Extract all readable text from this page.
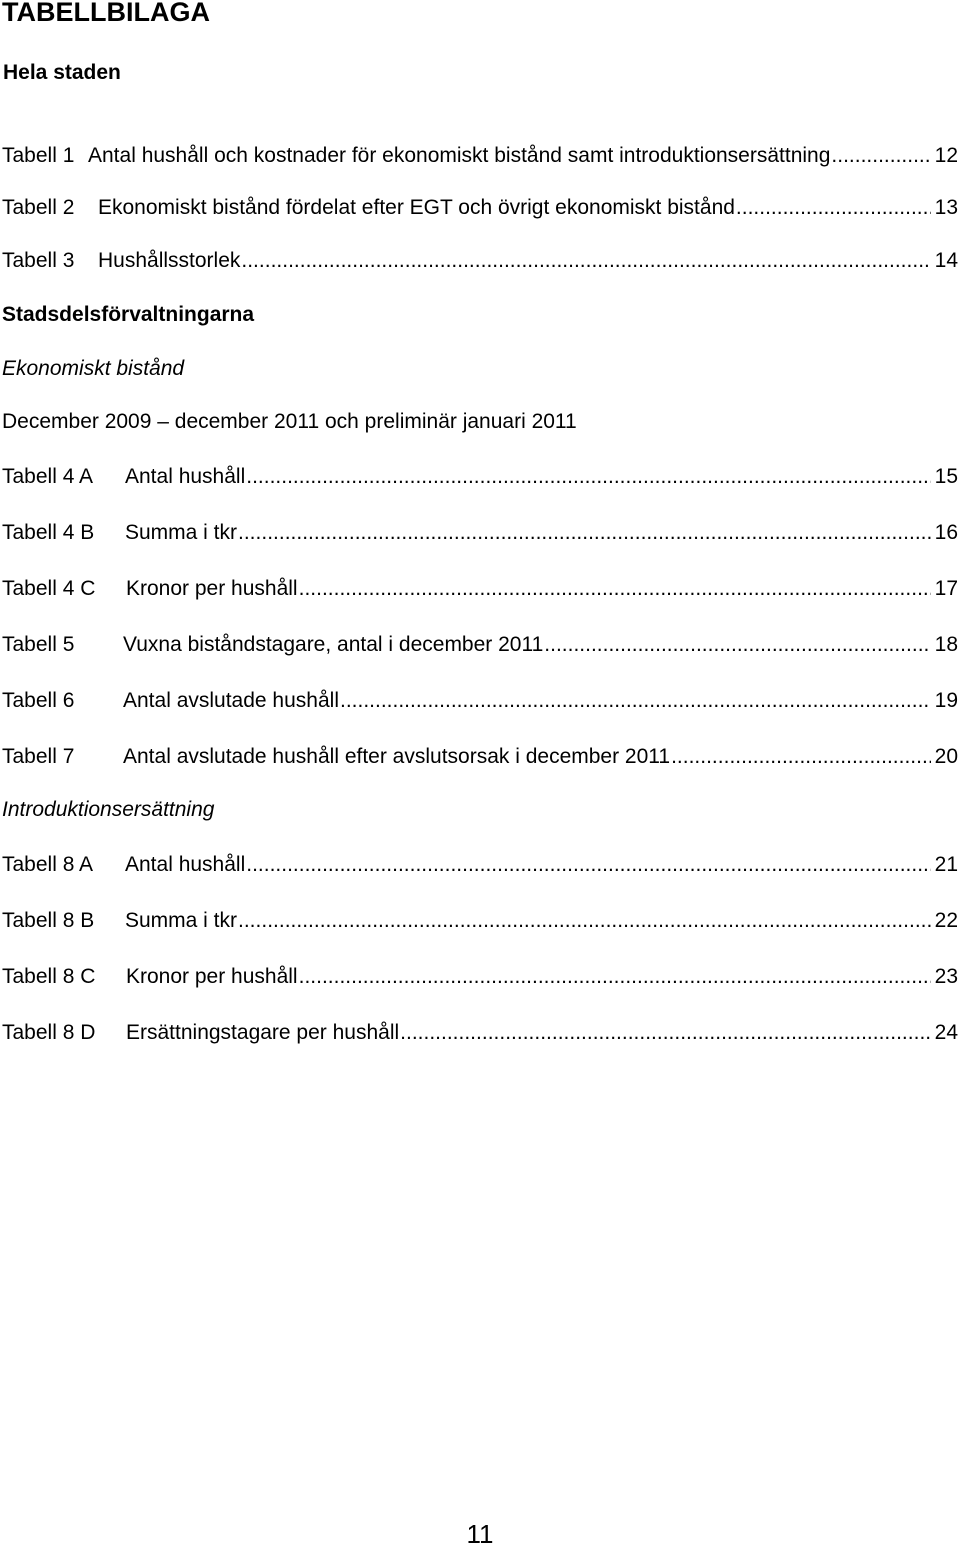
TABELLBILAGA
Hela staden
Tabell 1 Antal hushåll och kostnader för ekonomiskt bistånd samt introduktionsersättning .....	12
Tabell 2	Ekonomiskt bistånd fördelat efter EGT och övrigt ekonomiskt bistånd .....	13
Tabell 3	Hushållsstorlek .....	14
Stadsdelsförvaltningarna
Ekonomiskt bistånd
December 2009 – december 2011 och preliminär januari 2011
Tabell 4 A	Antal hushåll .....	15
Tabell 4 B	Summa i tkr .....	16
Tabell 4 C	Kronor per hushåll .....	17
Tabell 5	Vuxna biståndstagare, antal i december 2011 .....	18
Tabell 6	Antal avslutade hushåll .....	19
Tabell 7	Antal avslutade hushåll efter avslutsorsak i december 2011 .....	20
Introduktionsersättning
Tabell 8 A	Antal hushåll .....	21
Tabell 8 B	Summa i tkr .....	22
Tabell 8 C	Kronor per hushåll .....	23
Tabell 8 D	Ersättningstagare per hushåll .....	24
11
